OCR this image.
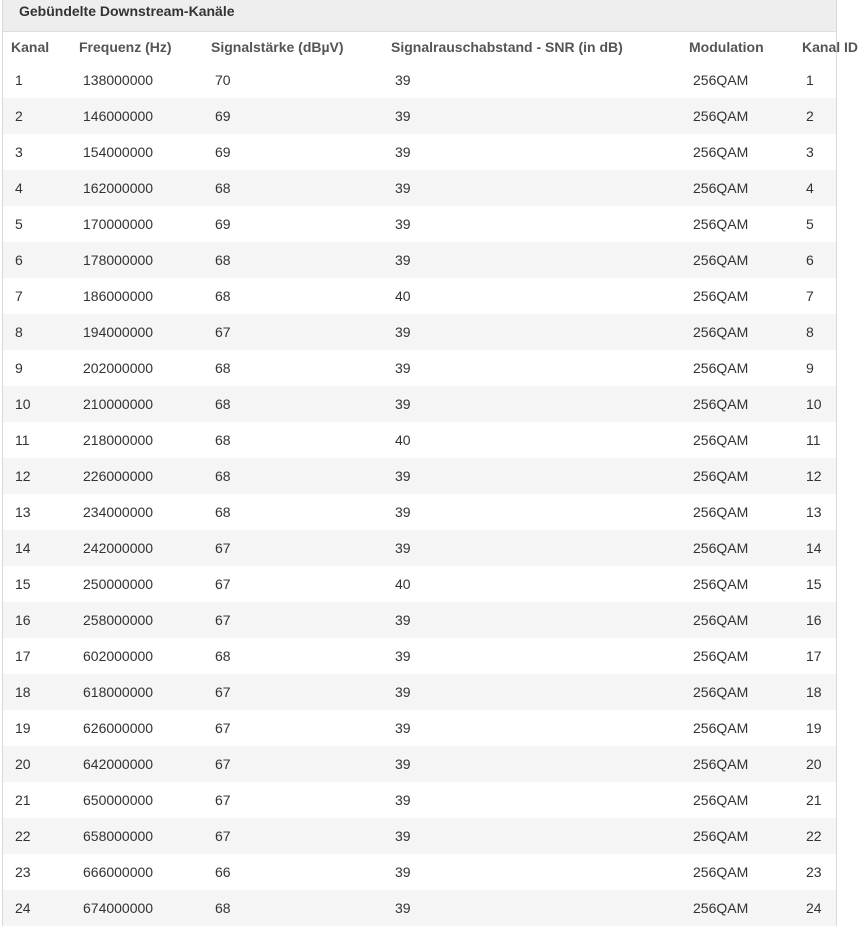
Gebündelte Downstream-Kanäle
Kanal	Frequenz (Hz)	Signalstärke (dBµV)	Signalrauschabstand - SNR (in dB)	Modulation	Kanal ID
1	138000000	70	39	256QAM	1
2	146000000	69	39	256QAM	2
3	154000000	69	39	256QAM	3
4	162000000	68	39	256QAM	4
5	170000000	69	39	256QAM	5
6	178000000	68	39	256QAM	6
7	186000000	68	40	256QAM	7
8	194000000	67	39	256QAM	8
9	202000000	68	39	256QAM	9
10	210000000	68	39	256QAM	10
11	218000000	68	40	256QAM	11
12	226000000	68	39	256QAM	12
13	234000000	68	39	256QAM	13
14	242000000	67	39	256QAM	14
15	250000000	67	40	256QAM	15
16	258000000	67	39	256QAM	16
17	602000000	68	39	256QAM	17
18	618000000	67	39	256QAM	18
19	626000000	67	39	256QAM	19
20	642000000	67	39	256QAM	20
21	650000000	67	39	256QAM	21
22	658000000	67	39	256QAM	22
23	666000000	66	39	256QAM	23
24	674000000	68	39	256QAM	24
